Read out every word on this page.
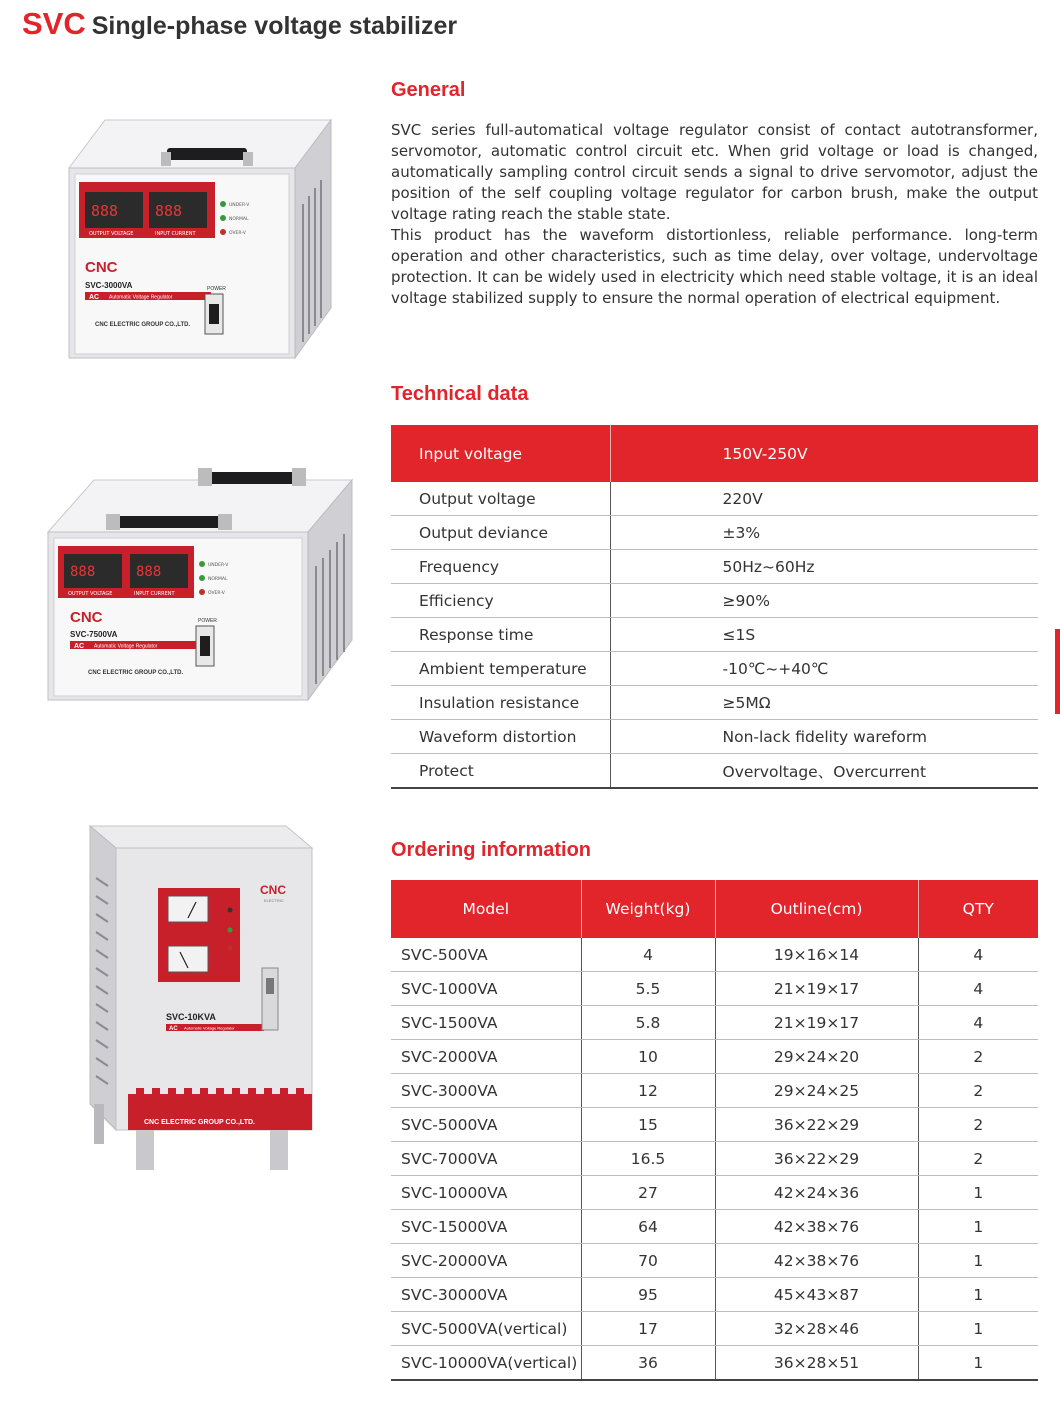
SVC Single-phase voltage stabilizer
General

SVC series full-automatical voltage regulator consist of contact autotransformer, servomotor, automatic control circuit etc. When grid voltage or load is changed, automatically sampling control circuit sends a signal to drive servomotor, adjust the position of the self coupling voltage regulator for carbon brush, make the output voltage rating reach the stable state.

This product has the waveform distortionless, reliable performance. long-term operation and other characteristics, such as time delay, over voltage, undervoltage protection. It can be widely used in electricity which need stable voltage, it is an ideal voltage stabilized supply to ensure the normal operation of electrical equipment.

Technical data
Input voltage	150V-250V
Output voltage	220V
Output deviance	±3%
Frequency	50Hz~60Hz
Efficiency	≥90%
Response time	≤1S
Ambient temperature	-10℃~+40℃
Insulation resistance	≥5MΩ
Waveform distortion	Non-lack fidelity wareform
Protect	Overvoltage、Overcurrent
Ordering information
Model	Weight(kg)	Outline(cm)	QTY
SVC-500VA	4	19×16×14	4
SVC-1000VA	5.5	21×19×17	4
SVC-1500VA	5.8	21×19×17	4
SVC-2000VA	10	29×24×20	2
SVC-3000VA	12	29×24×25	2
SVC-5000VA	15	36×22×29	2
SVC-7000VA	16.5	36×22×29	2
SVC-10000VA	27	42×24×36	1
SVC-15000VA	64	42×38×76	1
SVC-20000VA	70	42×38×76	1
SVC-30000VA	95	45×43×87	1
SVC-5000VA(vertical)	17	32×28×46	1
SVC-10000VA(vertical)	36	36×28×51	1
888 888
OUTPUT VOLTAGE	INPUT CURRENT
UNDER-V
NORMAL
OVER-V
CNC
SVC-3000VA
AC Automatic Voltage Regulator
CNC ELECTRIC GROUP CO.,LTD.
POWER
888	888
OUTPUT VOLTAGE	INPUT CURRENT
UNDER-V
NORMAL
OVER-V
CNC
SVC-7500VA
AC Automatic Voltage Regulator
CNC ELECTRIC GROUP CO.,LTD.
POWER
CNC
ELECTRIC
SVC-10KVA
AC Automatic Voltage Regulator
CNC ELECTRIC GROUP CO.,LTD.
